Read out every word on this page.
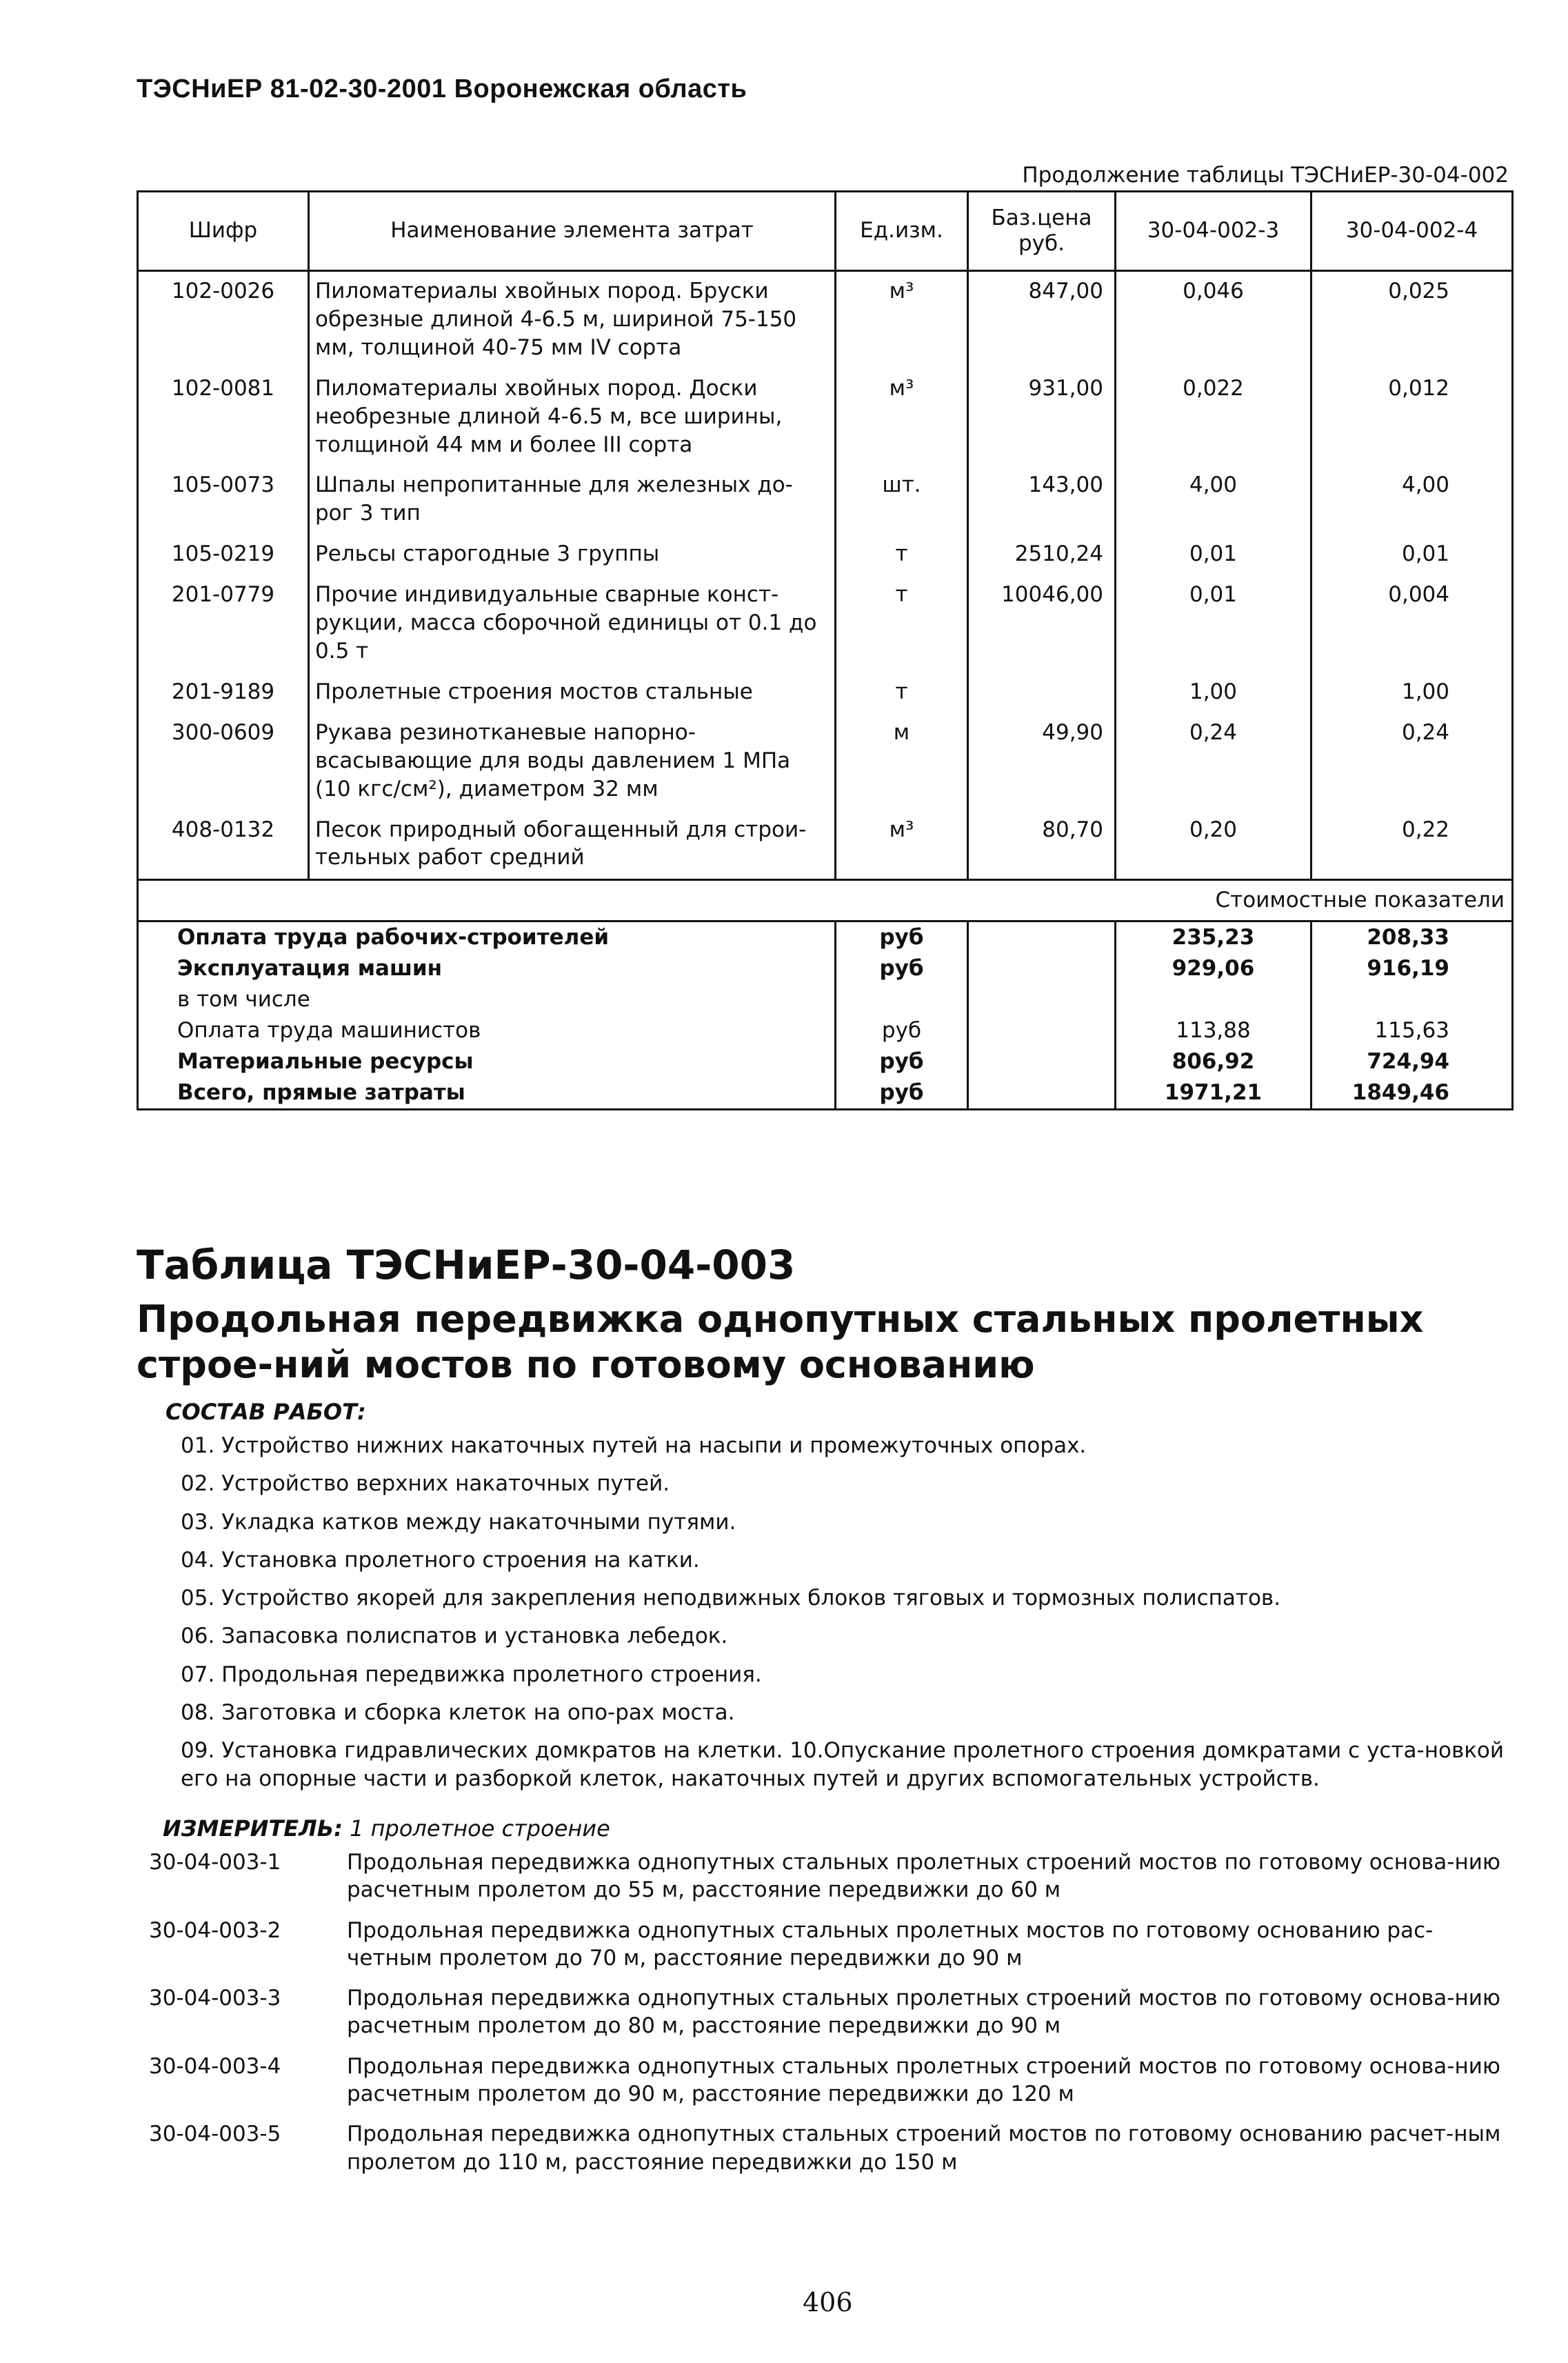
ТЭСНиЕР 81-02-30-2001 Воронежская область
Продолжение таблицы ТЭСНиЕР-30-04-002
Шифр	Наименование элемента затрат	Ед.изм.	Баз.цена руб.	30-04-002-3	30-04-002-4
102-0026	Пиломатериалы хвойных пород. Бруски обрезные длиной 4-6.5 м, шириной 75-150 мм, толщиной 40-75 мм IV сорта	м³	847,00	0,046	0,025
102-0081	Пиломатериалы хвойных пород. Доски необрезные длиной 4-6.5 м, все ширины, толщиной 44 мм и более III сорта	м³	931,00	0,022	0,012
105-0073	Шпалы непропитанные для железных до-рог 3 тип	шт.	143,00	4,00	4,00
105-0219	Рельсы старогодные 3 группы	т	2510,24	0,01	0,01
201-0779	Прочие индивидуальные сварные конст-рукции, масса сборочной единицы от 0.1 до 0.5 т	т	10046,00	0,01	0,004
201-9189	Пролетные строения мостов стальные	т		1,00	1,00
300-0609	Рукава резинотканевые напорно-всасывающие для воды давлением 1 МПа (10 кгс/см²), диаметром 32 мм	м	49,90	0,24	0,24
408-0132	Песок природный обогащенный для строи-тельных работ средний	м³	80,70	0,20	0,22
Стоимостные показатели					
Оплата труда рабочих-строителей		руб		235,23	208,33
Эксплуатация машин		руб		929,06	916,19
в том числе					
Оплата труда машинистов		руб		113,88	115,63
Материальные ресурсы		руб		806,92	724,94
Всего, прямые затраты		руб		1971,21	1849,46
Таблица ТЭСНиЕР-30-04-003
Продольная передвижка однопутных стальных пролетных строе-ний мостов по готовому основанию
СОСТАВ РАБОТ:
01. Устройство нижних накаточных путей на насыпи и промежуточных опорах.
02. Устройство верхних накаточных путей.
03. Укладка катков между накаточными путями.
04. Установка пролетного строения на катки.
05. Устройство якорей для закрепления неподвижных блоков тяговых и тормозных полиспатов.
06. Запасовка полиспатов и установка лебедок.
07. Продольная передвижка пролетного строения.
08. Заготовка и сборка клеток на опо-рах моста.
09. Установка гидравлических домкратов на клетки. 10.Опускание пролетного строения домкратами с уста-новкой его на опорные части и разборкой клеток, накаточных путей и других вспомогательных устройств.
ИЗМЕРИТЕЛЬ: 1 пролетное строение
30-04-003-1	Продольная передвижка однопутных стальных пролетных строений мостов по готовому основа-нию расчетным пролетом до 55 м, расстояние передвижки до 60 м
30-04-003-2	Продольная передвижка однопутных стальных пролетных мостов по готовому основанию рас-четным пролетом до 70 м, расстояние передвижки до 90 м
30-04-003-3	Продольная передвижка однопутных стальных пролетных строений мостов по готовому основа-нию расчетным пролетом до 80 м, расстояние передвижки до 90 м
30-04-003-4	Продольная передвижка однопутных стальных пролетных строений мостов по готовому основа-нию расчетным пролетом до 90 м, расстояние передвижки до 120 м
30-04-003-5	Продольная передвижка однопутных стальных строений мостов по готовому основанию расчет-ным пролетом до 110 м, расстояние передвижки до 150 м
406
